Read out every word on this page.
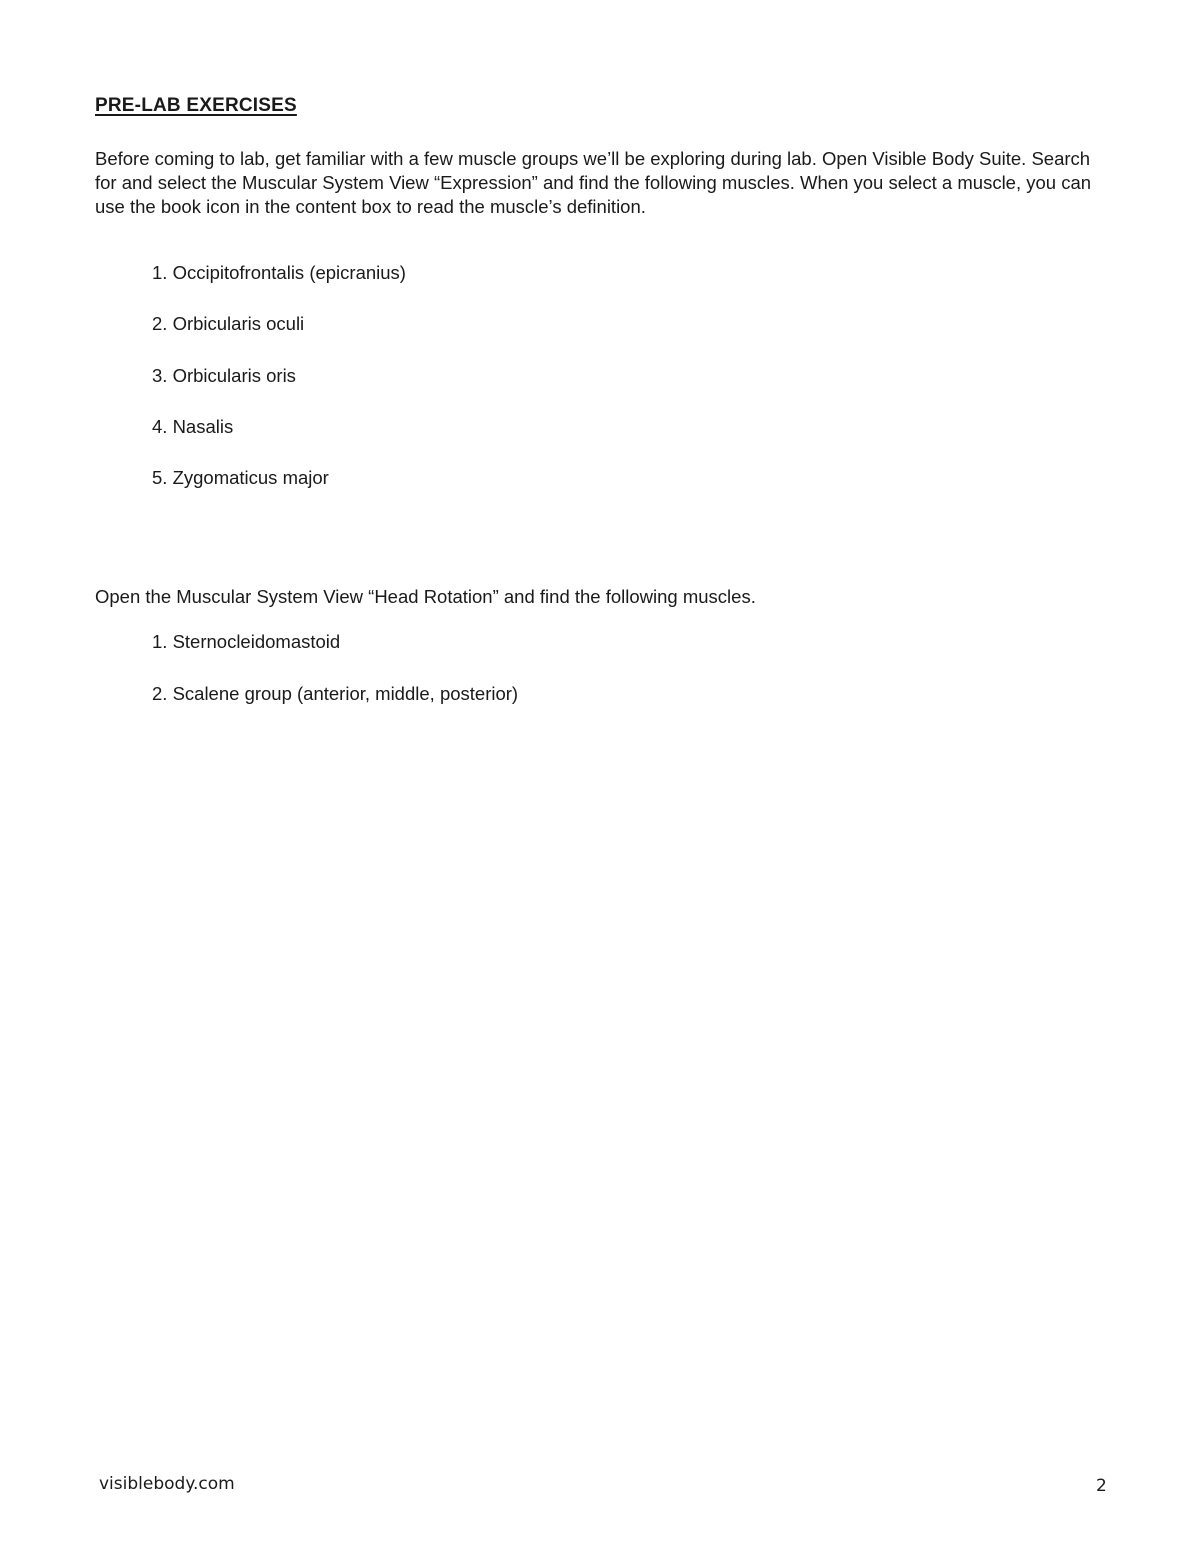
PRE-LAB EXERCISES

Before coming to lab, get familiar with a few muscle groups we’ll be exploring during lab. Open Visible Body Suite. Search for and select the Muscular System View “Expression” and find the following muscles. When you select a muscle, you can use the book icon in the content box to read the muscle’s definition.

1. Occipitofrontalis (epicranius)
2. Orbicularis oculi
3. Orbicularis oris
4. Nasalis
5. Zygomaticus major

Open the Muscular System View “Head Rotation” and find the following muscles.

1. Sternocleidomastoid
2. Scalene group (anterior, middle, posterior)

visiblebody.com	2
